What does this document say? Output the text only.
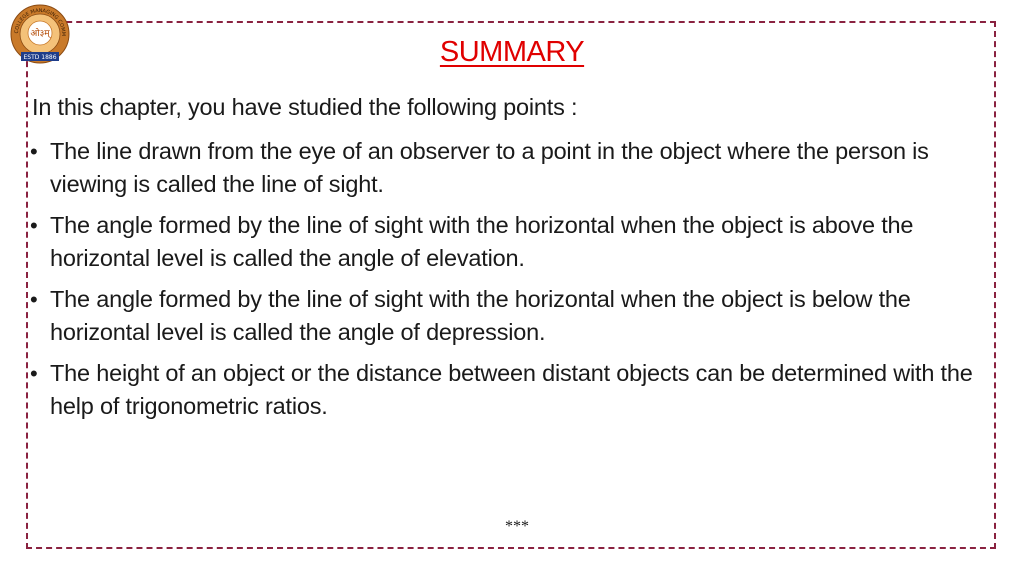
COLLEGE MANAGING COMM
ओ३म्
ESTD 1886	SUMMARY
In this chapter, you have studied the following points :
• The line drawn from the eye of an observer to a point in the object where the person is viewing is called the line of sight.
• The angle formed by the line of sight with the horizontal when the object is above the horizontal level is called the angle of elevation.
• The angle formed by the line of sight with the horizontal when the object is below the horizontal level is called the angle of depression.
• The height of an object or the distance between distant objects can be determined with the help of trigonometric ratios.
***
